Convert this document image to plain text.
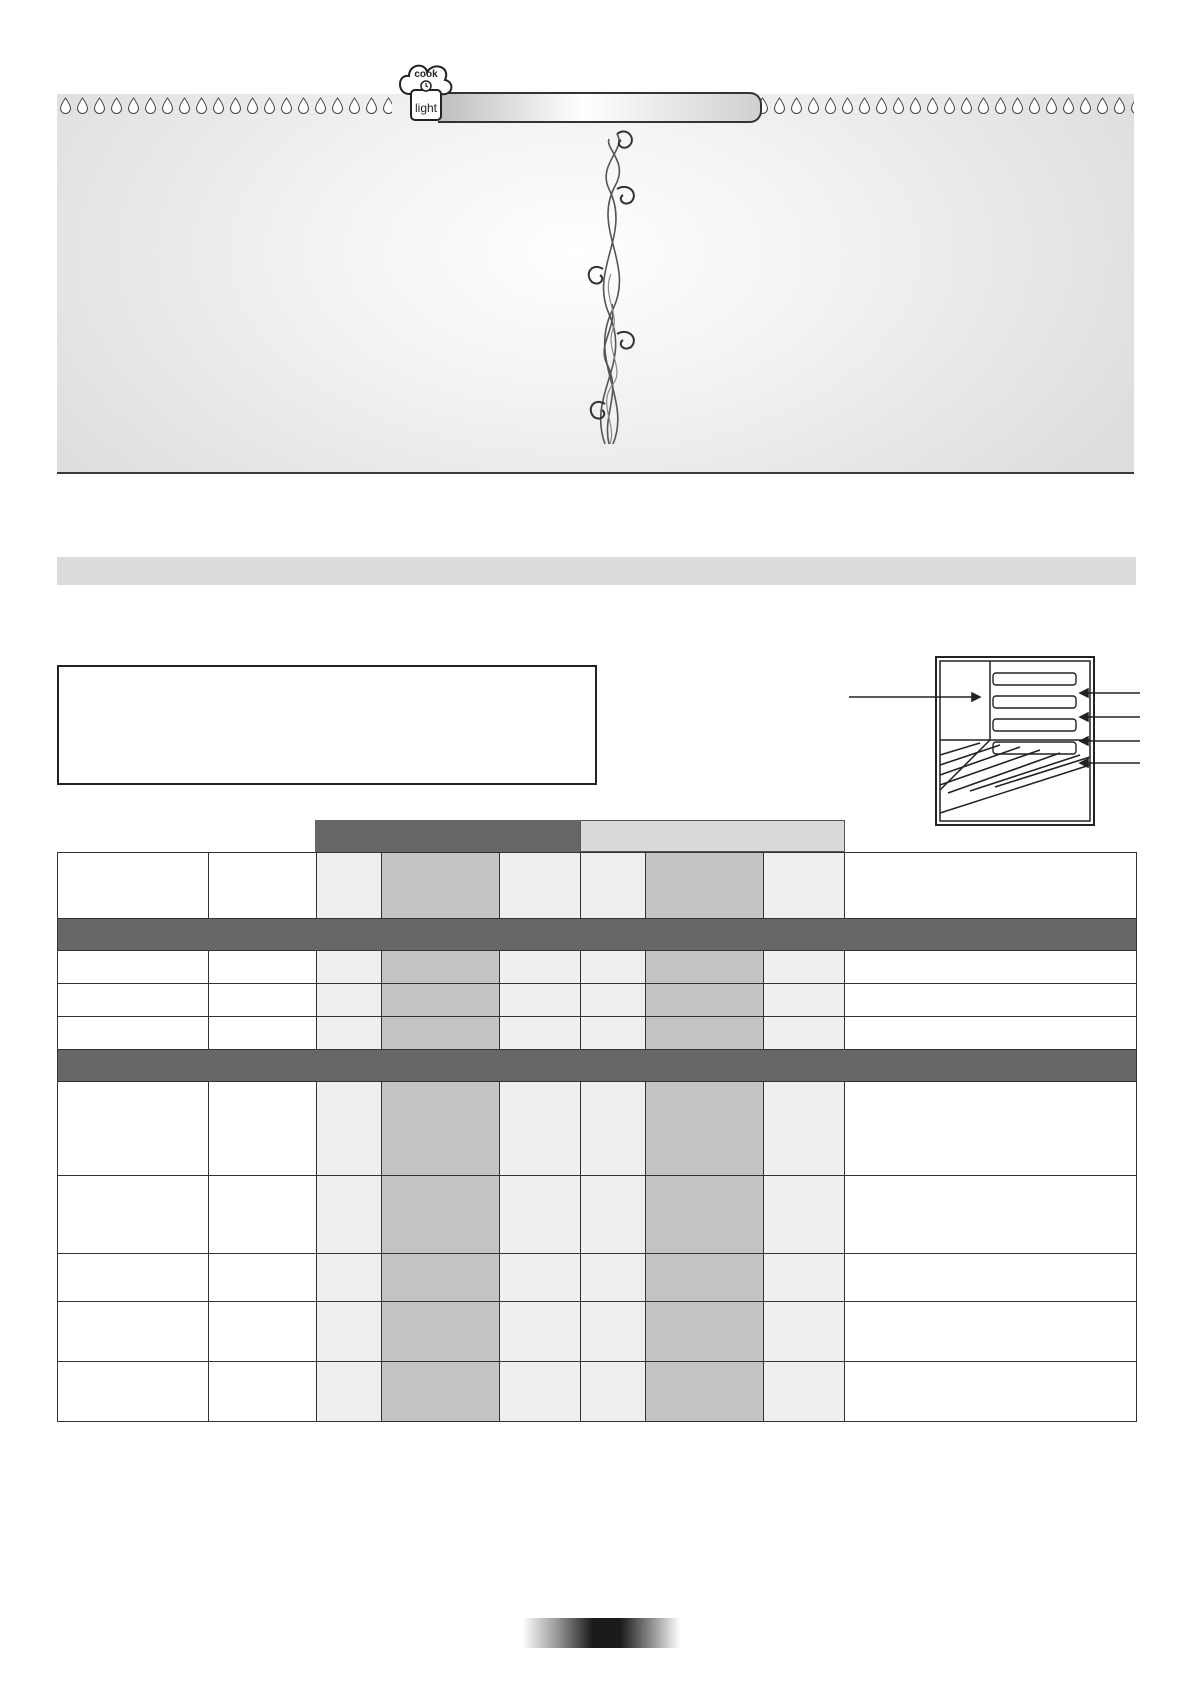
cook
light
